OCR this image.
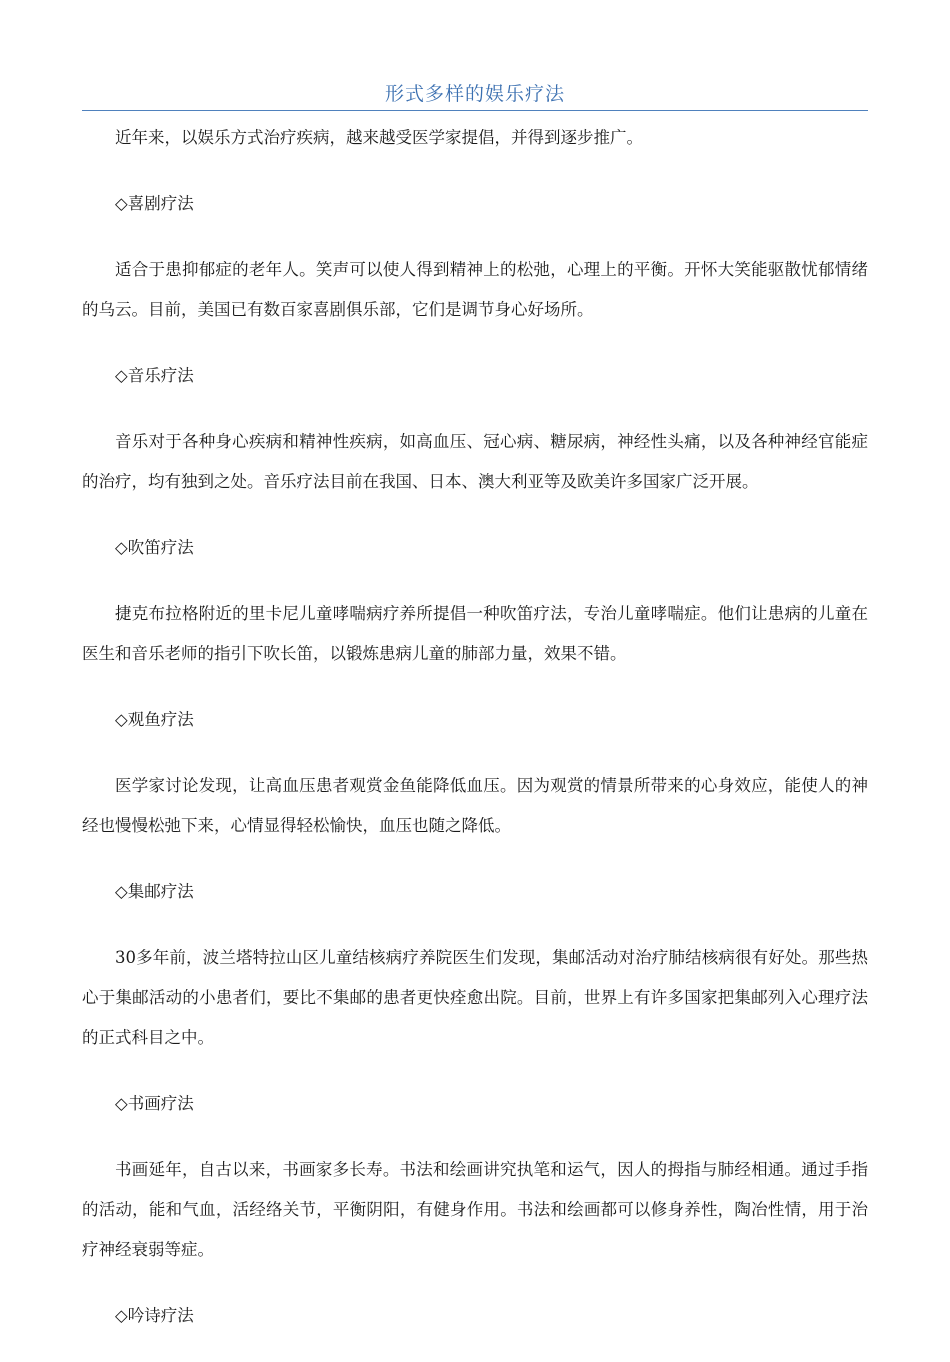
形式多样的娱乐疗法

近年来，以娱乐方式治疗疾病，越来越受医学家提倡，并得到逐步推广。

◇喜剧疗法

适合于患抑郁症的老年人。笑声可以使人得到精神上的松弛，心理上的平衡。开怀大笑能驱散忧郁情绪的乌云。目前，美国已有数百家喜剧俱乐部，它们是调节身心好场所。

◇音乐疗法

音乐对于各种身心疾病和精神性疾病，如高血压、冠心病、糖尿病，神经性头痛，以及各种神经官能症的治疗，均有独到之处。音乐疗法目前在我国、日本、澳大利亚等及欧美许多国家广泛开展。

◇吹笛疗法

捷克布拉格附近的里卡尼儿童哮喘病疗养所提倡一种吹笛疗法，专治儿童哮喘症。他们让患病的儿童在医生和音乐老师的指引下吹长笛，以锻炼患病儿童的肺部力量，效果不错。

◇观鱼疗法

医学家讨论发现，让高血压患者观赏金鱼能降低血压。因为观赏的情景所带来的心身效应，能使人的神经也慢慢松弛下来，心情显得轻松愉快，血压也随之降低。

◇集邮疗法

30多年前，波兰塔特拉山区儿童结核病疗养院医生们发现，集邮活动对治疗肺结核病很有好处。那些热心于集邮活动的小患者们，要比不集邮的患者更快痊愈出院。目前，世界上有许多国家把集邮列入心理疗法的正式科目之中。

◇书画疗法

书画延年，自古以来，书画家多长寿。书法和绘画讲究执笔和运气，因人的拇指与肺经相通。通过手指的活动，能和气血，活经络关节，平衡阴阳，有健身作用。书法和绘画都可以修身养性，陶冶性情，用于治疗神经衰弱等症。

◇吟诗疗法
